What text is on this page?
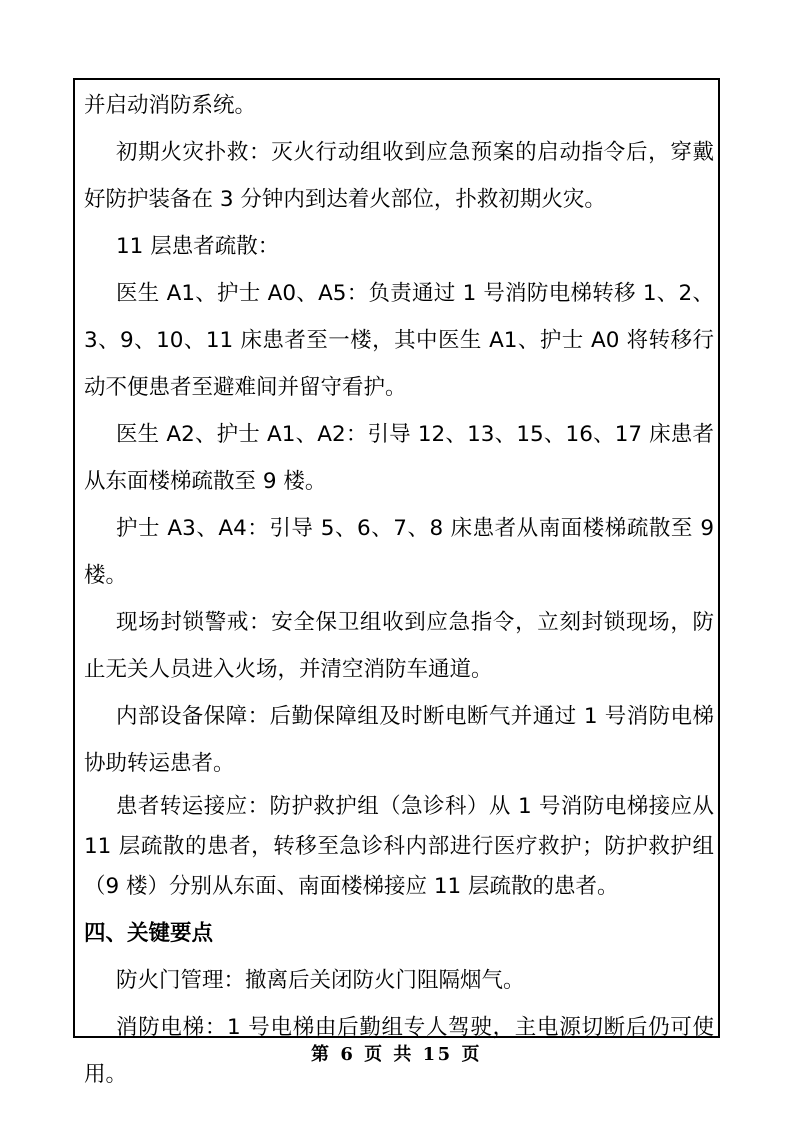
并启动消防系统。

初期火灾扑救：灭火行动组收到应急预案的启动指令后，穿戴好防护装备在 3 分钟内到达着火部位，扑救初期火灾。

11 层患者疏散：

医生 A1、护士 A0、A5：负责通过 1 号消防电梯转移 1、2、3、9、10、11 床患者至一楼，其中医生 A1、护士 A0 将转移行动不便患者至避难间并留守看护。

医生 A2、护士 A1、A2：引导 12、13、15、16、17 床患者从东面楼梯疏散至 9 楼。

护士 A3、A4：引导 5、6、7、8 床患者从南面楼梯疏散至 9 楼。

现场封锁警戒：安全保卫组收到应急指令，立刻封锁现场，防止无关人员进入火场，并清空消防车通道。

内部设备保障：后勤保障组及时断电断气并通过 1 号消防电梯协助转运患者。

患者转运接应：防护救护组（急诊科）从 1 号消防电梯接应从 11 层疏散的患者，转移至急诊科内部进行医疗救护；防护救护组（9 楼）分别从东面、南面楼梯接应 11 层疏散的患者。

四、关键要点

防火门管理：撤离后关闭防火门阻隔烟气。

消防电梯：1 号电梯由后勤组专人驾驶，主电源切断后仍可使用。

第 6 页 共 15 页
